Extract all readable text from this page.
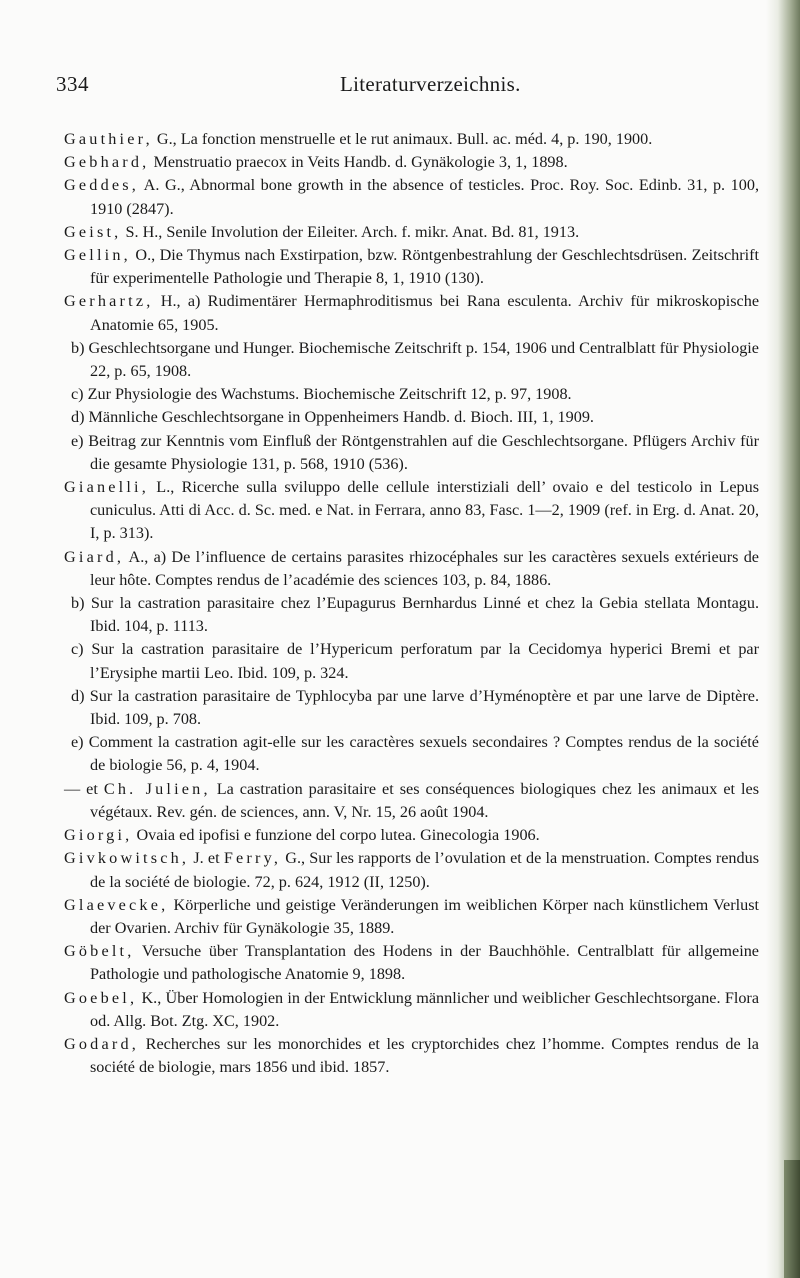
334	Literaturverzeichnis.

Gauthier, G., La fonction menstruelle et le rut animaux. Bull. ac. méd. 4, p. 190, 1900.

Gebhard, Menstruatio praecox in Veits Handb. d. Gynäkologie 3, 1, 1898.

Geddes, A. G., Abnormal bone growth in the absence of testicles. Proc. Roy. Soc. Edinb. 31, p. 100, 1910 (2847).

Geist, S. H., Senile Involution der Eileiter. Arch. f. mikr. Anat. Bd. 81, 1913.

Gellin, O., Die Thymus nach Exstirpation, bzw. Röntgenbestrahlung der Geschlechtsdrüsen. Zeitschrift für experimentelle Pathologie und Therapie 8, 1, 1910 (130).

Gerhartz, H., a) Rudimentärer Hermaphroditismus bei Rana esculenta. Archiv für mikroskopische Anatomie 65, 1905.

b) Geschlechtsorgane und Hunger. Biochemische Zeitschrift p. 154, 1906 und Centralblatt für Physiologie 22, p. 65, 1908.

c) Zur Physiologie des Wachstums. Biochemische Zeitschrift 12, p. 97, 1908.

d) Männliche Geschlechtsorgane in Oppenheimers Handb. d. Bioch. III, 1, 1909.

e) Beitrag zur Kenntnis vom Einfluß der Röntgenstrahlen auf die Geschlechtsorgane. Pflügers Archiv für die gesamte Physiologie 131, p. 568, 1910 (536).

Gianelli, L., Ricerche sulla sviluppo delle cellule interstiziali dell’ ovaio e del testicolo in Lepus cuniculus. Atti di Acc. d. Sc. med. e Nat. in Ferrara, anno 83, Fasc. 1—2, 1909 (ref. in Erg. d. Anat. 20, I, p. 313).

Giard, A., a) De l’influence de certains parasites rhizocéphales sur les caractères sexuels extérieurs de leur hôte. Comptes rendus de l’académie des sciences 103, p. 84, 1886.

b) Sur la castration parasitaire chez l’Eupagurus Bernhardus Linné et chez la Gebia stellata Montagu. Ibid. 104, p. 1113.

c) Sur la castration parasitaire de l’Hypericum perforatum par la Cecidomya hyperici Bremi et par l’Erysiphe martii Leo. Ibid. 109, p. 324.

d) Sur la castration parasitaire de Typhlocyba par une larve d’Hyménoptère et par une larve de Diptère. Ibid. 109, p. 708.

e) Comment la castration agit-elle sur les caractères sexuels secondaires ? Comptes rendus de la société de biologie 56, p. 4, 1904.

— et Ch. Julien, La castration parasitaire et ses conséquences biologiques chez les animaux et les végétaux. Rev. gén. de sciences, ann. V, Nr. 15, 26 août 1904.

Giorgi, Ovaia ed ipofisi e funzione del corpo lutea. Ginecologia 1906.

Givkowitsch, J. et Ferry, G., Sur les rapports de l’ovulation et de la menstruation. Comptes rendus de la société de biologie. 72, p. 624, 1912 (II, 1250).

Glaevecke, Körperliche und geistige Veränderungen im weiblichen Körper nach künstlichem Verlust der Ovarien. Archiv für Gynäkologie 35, 1889.

Göbelt, Versuche über Transplantation des Hodens in der Bauchhöhle. Centralblatt für allgemeine Pathologie und pathologische Anatomie 9, 1898.

Goebel, K., Über Homologien in der Entwicklung männlicher und weiblicher Geschlechtsorgane. Flora od. Allg. Bot. Ztg. XC, 1902.

Godard, Recherches sur les monorchides et les cryptorchides chez l’homme. Comptes rendus de la société de biologie, mars 1856 und ibid. 1857.
